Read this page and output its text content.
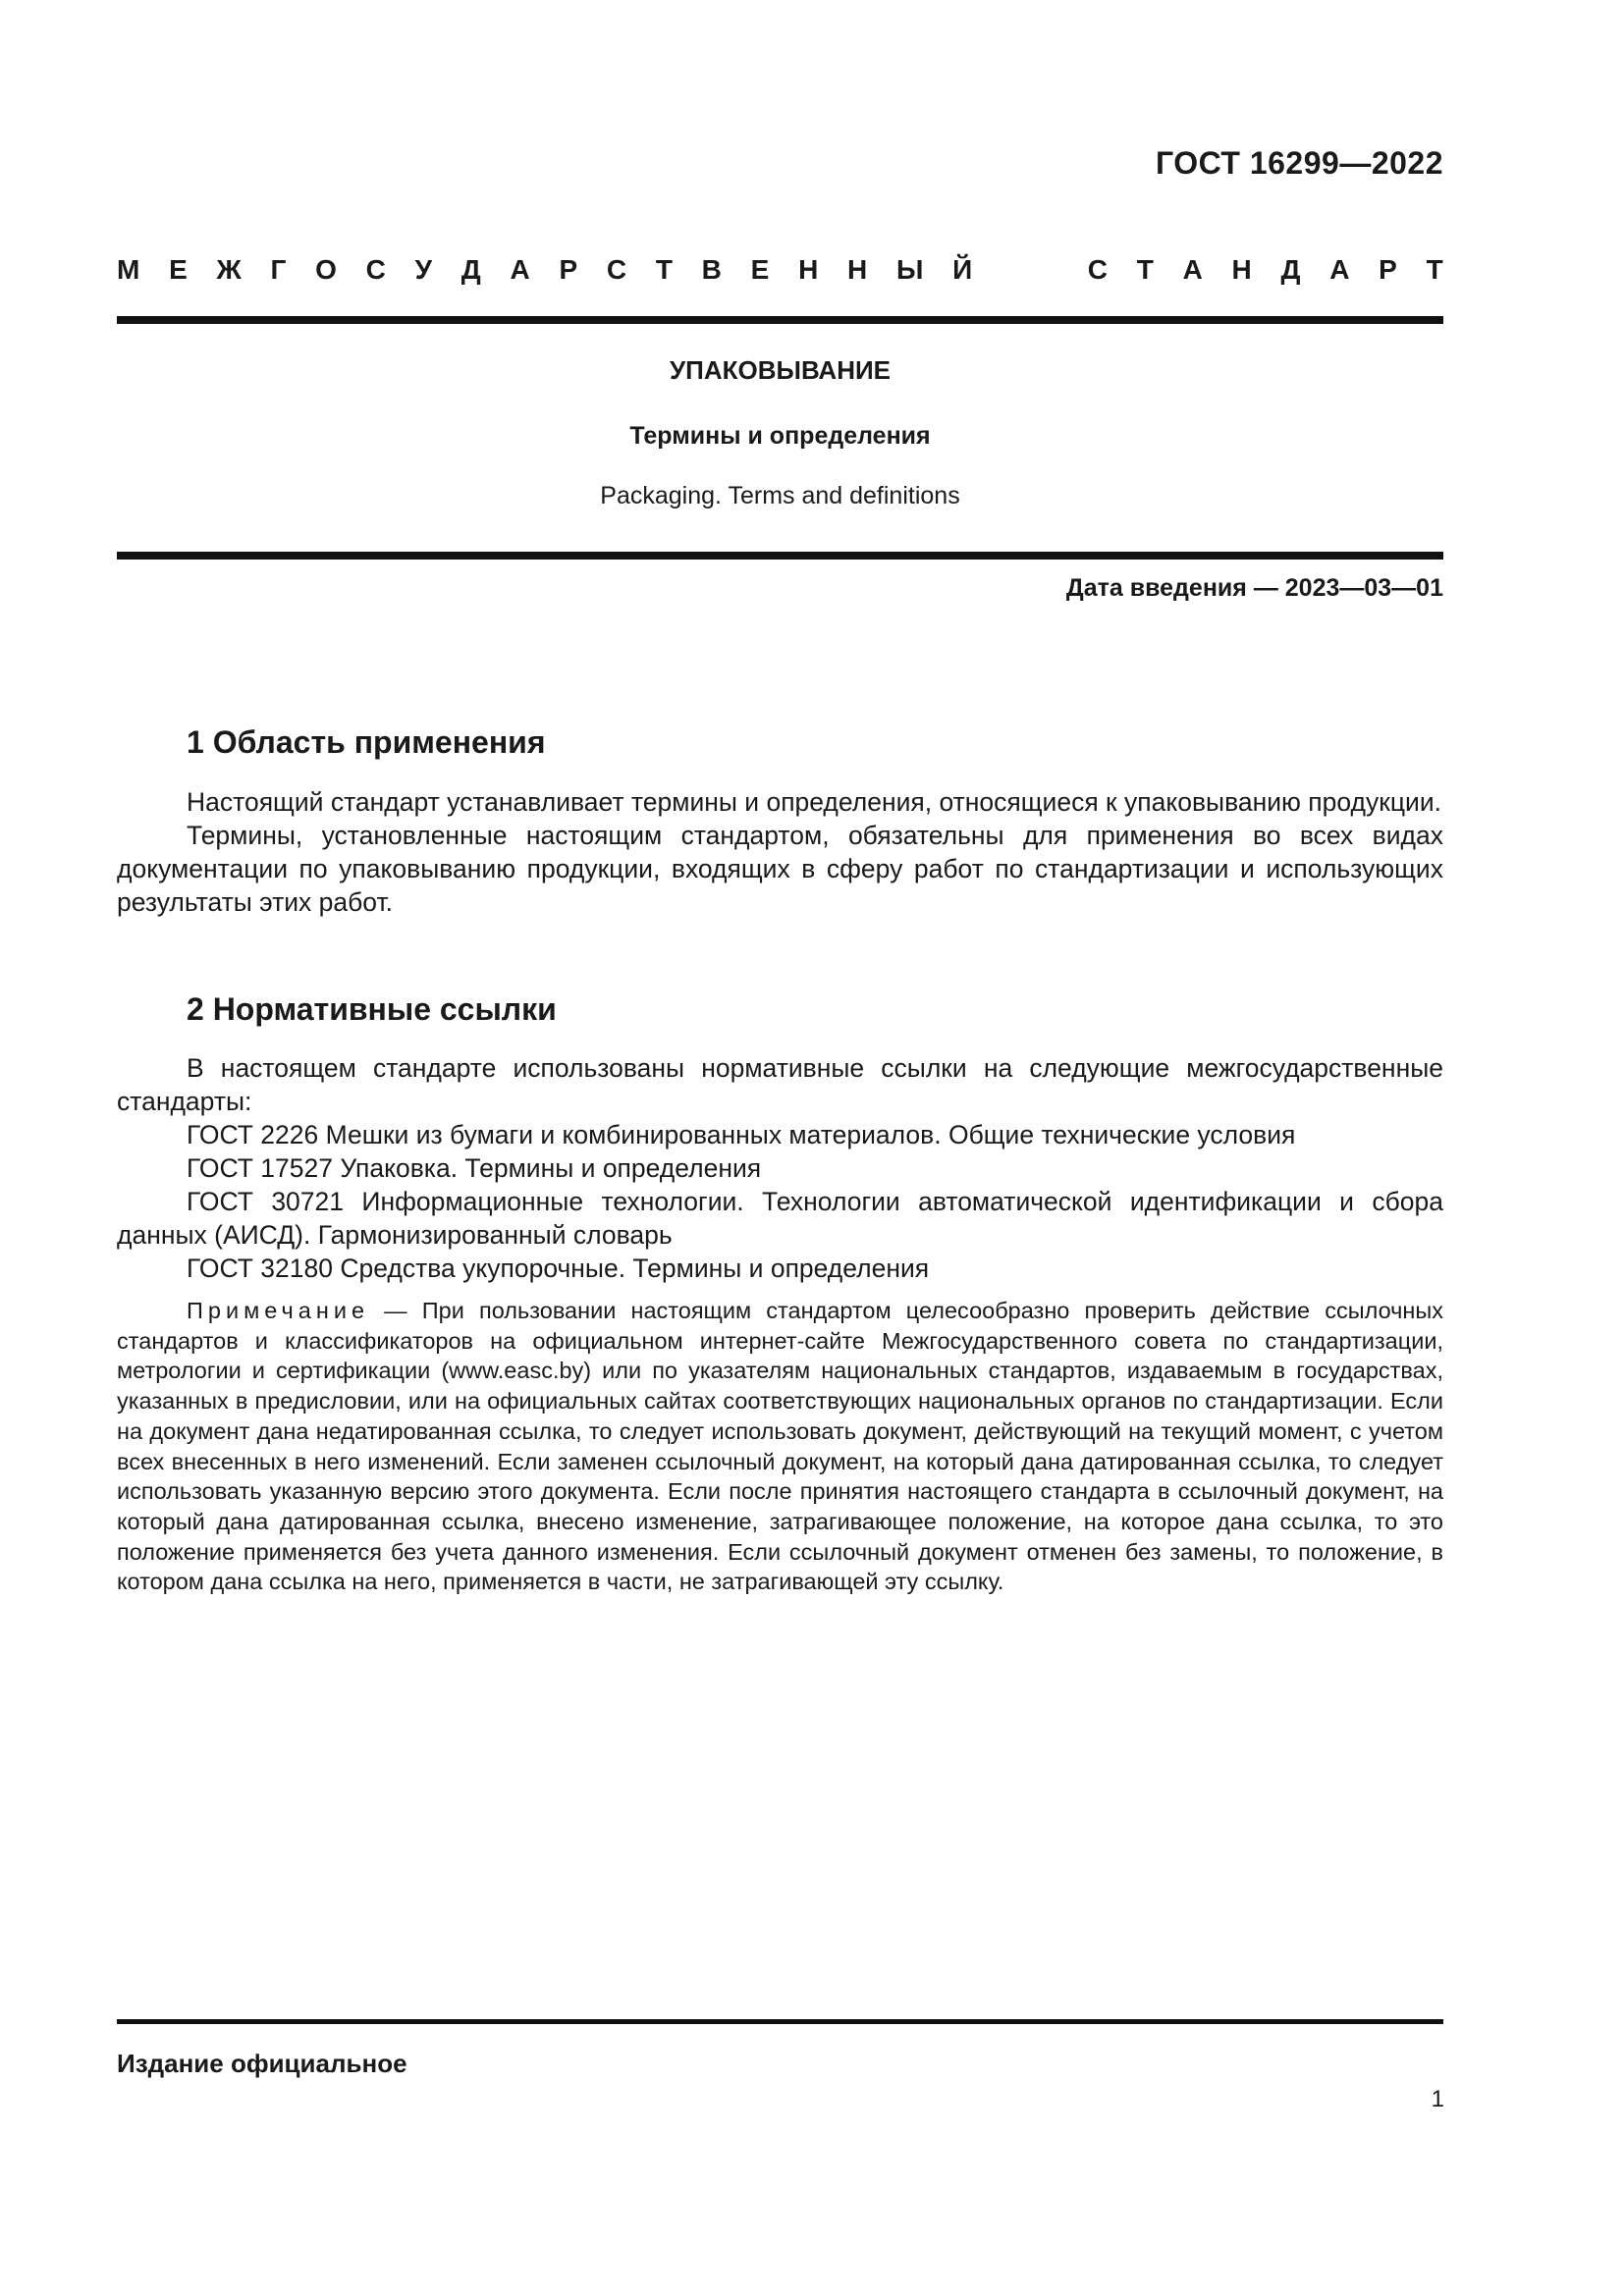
ГОСТ 16299—2022
М Е Ж Г О С У Д А Р С Т В Е Н Н Ы Й	С Т А Н Д А Р Т
УПАКОВЫВАНИЕ
Термины и определения
Packaging. Terms and definitions
Дата введения — 2023—03—01
1 Область применения

Настоящий стандарт устанавливает термины и определения, относящиеся к упаковыванию продукции.

Термины, установленные настоящим стандартом, обязательны для применения во всех видах документации по упаковыванию продукции, входящих в сферу работ по стандартизации и использующих результаты этих работ.

2 Нормативные ссылки

В настоящем стандарте использованы нормативные ссылки на следующие межгосударственные стандарты:

ГОСТ 2226 Мешки из бумаги и комбинированных материалов. Общие технические условия

ГОСТ 17527 Упаковка. Термины и определения

ГОСТ 30721 Информационные технологии. Технологии автоматической идентификации и сбора данных (АИСД). Гармонизированный словарь

ГОСТ 32180 Средства укупорочные. Термины и определения

Примечание — При пользовании настоящим стандартом целесообразно проверить действие ссылочных стандартов и классификаторов на официальном интернет-сайте Межгосударственного совета по стандартизации, метрологии и сертификации (www.easc.by) или по указателям национальных стандартов, издаваемым в государствах, указанных в предисловии, или на официальных сайтах соответствующих национальных органов по стандартизации. Если на документ дана недатированная ссылка, то следует использовать документ, действующий на текущий момент, с учетом всех внесенных в него изменений. Если заменен ссылочный документ, на который дана датированная ссылка, то следует использовать указанную версию этого документа. Если после принятия настоящего стандарта в ссылочный документ, на который дана датированная ссылка, внесено изменение, затрагивающее положение, на которое дана ссылка, то это положение применяется без учета данного изменения. Если ссылочный документ отменен без замены, то положение, в котором дана ссылка на него, применяется в части, не затрагивающей эту ссылку.
Издание официальное
1
